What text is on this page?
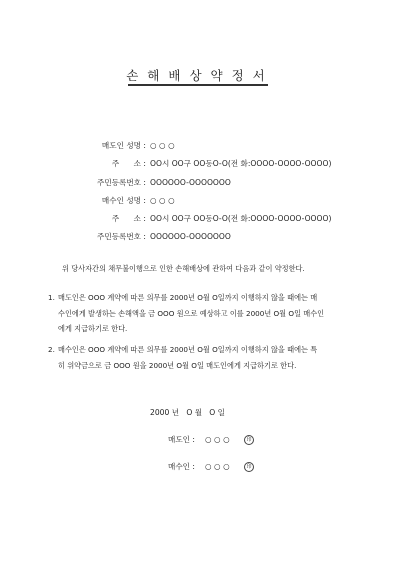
손해배상약정서
매도인 성명 : ○ ○ ○
주      소 : OO시 OO구 OO동O-O(전 화:OOOO-OOOO-OOOO)
주민등록번호 : OOOOOO-OOOOOOO
매수인 성명 : ○ ○ ○
주      소 : OO시 OO구 OO동O-O(전 화:OOOO-OOOO-OOOO)
주민등록번호 : OOOOOO-OOOOOOO
위 당사자간의 채무불이행으로 인한 손해배상에 관하여 다음과 같이 약정한다.
1. 매도인은 OOO 계약에 따른 의무를 2000년 O월 O일까지 이행하지 않을 때에는 매
수인에게 발생하는 손해액을 금 OOO 원으로 예상하고 이를 2000년 O월 O일 매수인
에게 지급하기로 한다.
2. 매수인은 OOO 계약에 따른 의무를 2000년 O월 O일까지 이행하지 않을 때에는 특
히 위약금으로 금 OOO 원을 2000년 O월 O일 매도인에게 지급하기로 한다.
2000 년   O 월   O 일
매도인 : ○ ○ ○	印
매수인 : ○ ○ ○	印
